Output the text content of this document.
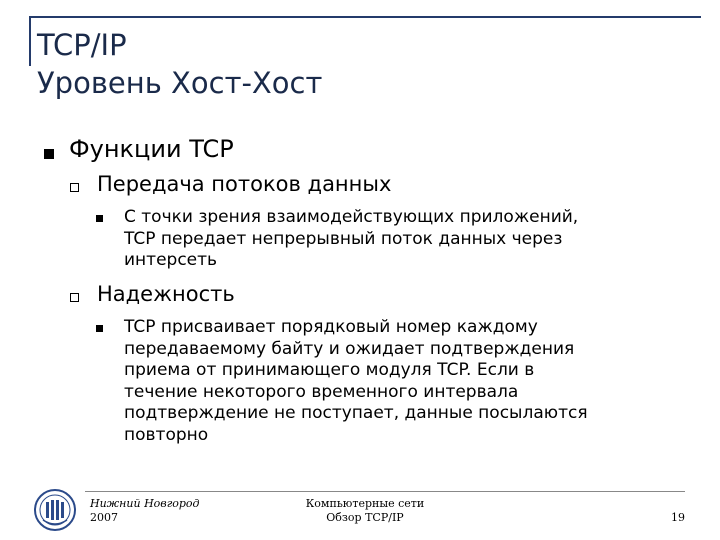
TCP/IP
Уровень Хост-Хост
Функции TCP
Передача потоков данных
С точки зрения взаимодействующих приложений,
TCP передает непрерывный поток данных через
интерсеть
Надежность
TCP присваивает порядковый номер каждому
передаваемому байту и ожидает подтверждения
приема от принимающего модуля TCP. Если в
течение некоторого временного интервала
подтверждение не поступает, данные посылаются
повторно
Нижний Новгород
2007
Компьютерные сети
Обзор TCP/IP	19
